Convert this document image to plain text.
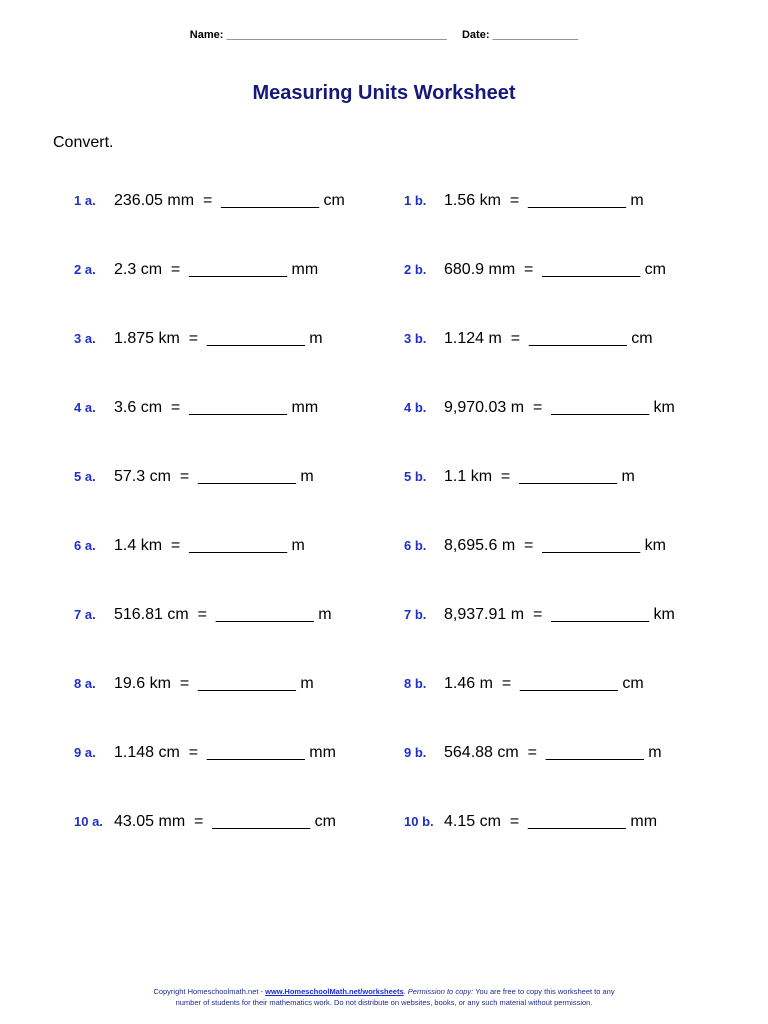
Name: ____________________________________ Date: ______________
Measuring Units Worksheet
Convert.
1 a. 236.05 mm  =  ___________ cm	1 b. 1.56 km  =  ___________ m
2 a. 2.3 cm  =  ___________ mm	2 b. 680.9 mm  =  ___________ cm
3 a. 1.875 km  =  ___________ m	3 b. 1.124 m  =  ___________ cm
4 a. 3.6 cm  =  ___________ mm	4 b. 9,970.03 m  =  ___________ km
5 a. 57.3 cm  =  ___________ m	5 b. 1.1 km  =  ___________ m
6 a. 1.4 km  =  ___________ m	6 b. 8,695.6 m  =  ___________ km
7 a. 516.81 cm  =  ___________ m	7 b. 8,937.91 m  =  ___________ km
8 a. 19.6 km  =  ___________ m	8 b. 1.46 m  =  ___________ cm
9 a. 1.148 cm  =  ___________ mm	9 b. 564.88 cm  =  ___________ m
10 a. 43.05 mm  =  ___________ cm	10 b. 4.15 cm  =  ___________ mm
Copyright Homeschoolmath.net - www.HomeschoolMath.net/worksheets. Permission to copy: You are free to copy this worksheet to any
number of students for their mathematics work. Do not distribute on websites, books, or any such material without permission.
